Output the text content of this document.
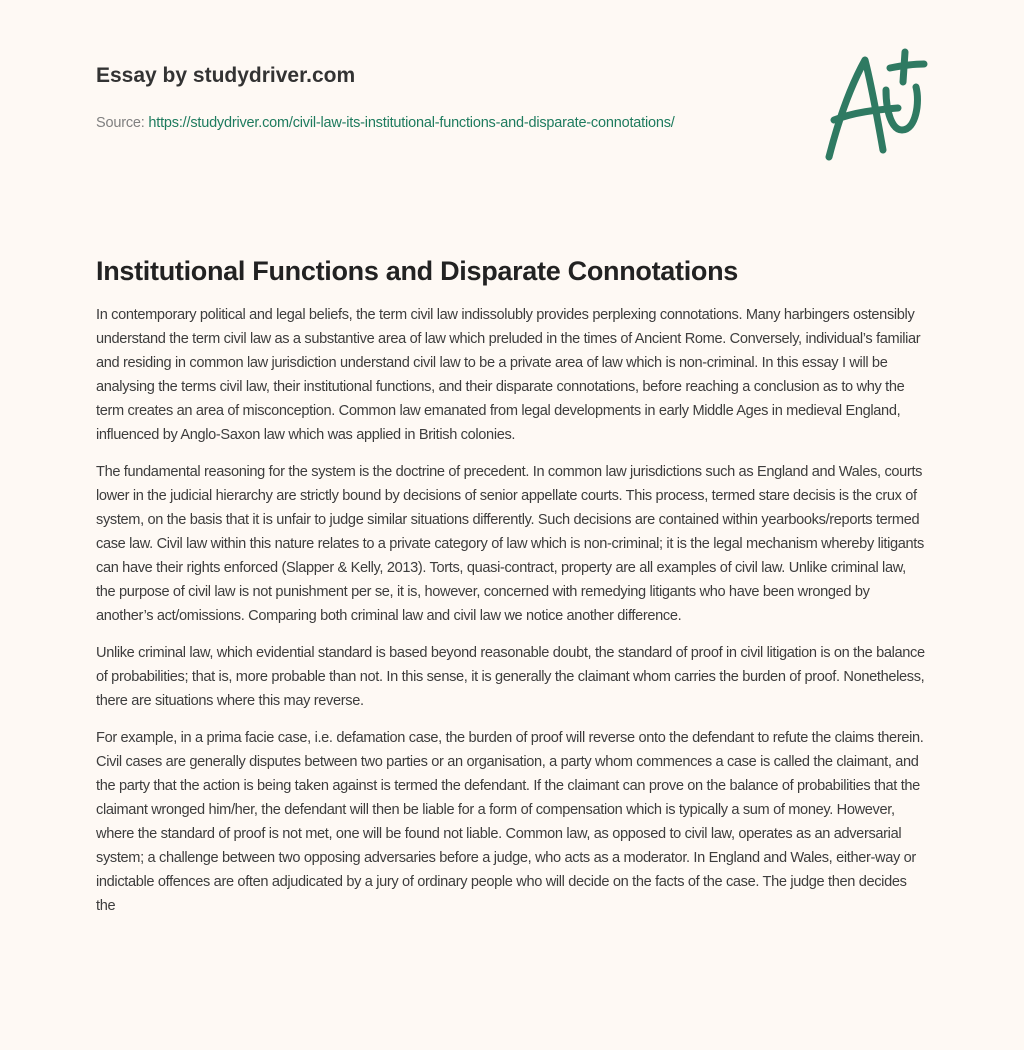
Essay by studydriver.com
Source: https://studydriver.com/civil-law-its-institutional-functions-and-disparate-connotations/
Institutional Functions and Disparate Connotations

In contemporary political and legal beliefs, the term civil law indissolubly provides perplexing connotations. Many harbingers ostensibly understand the term civil law as a substantive area of law which preluded in the times of Ancient Rome. Conversely, individual’s familiar and residing in common law jurisdiction understand civil law to be a private area of law which is non-criminal. In this essay I will be analysing the terms civil law, their institutional functions, and their disparate connotations, before reaching a conclusion as to why the term creates an area of misconception. Common law emanated from legal developments in early Middle Ages in medieval England, influenced by Anglo-Saxon law which was applied in British colonies.

The fundamental reasoning for the system is the doctrine of precedent. In common law jurisdictions such as England and Wales, courts lower in the judicial hierarchy are strictly bound by decisions of senior appellate courts. This process, termed stare decisis is the crux of system, on the basis that it is unfair to judge similar situations differently. Such decisions are contained within yearbooks/reports termed case law. Civil law within this nature relates to a private category of law which is non-criminal; it is the legal mechanism whereby litigants can have their rights enforced (Slapper & Kelly, 2013). Torts, quasi-contract, property are all examples of civil law. Unlike criminal law, the purpose of civil law is not punishment per se, it is, however, concerned with remedying litigants who have been wronged by another’s act/omissions. Comparing both criminal law and civil law we notice another difference.

Unlike criminal law, which evidential standard is based beyond reasonable doubt, the standard of proof in civil litigation is on the balance of probabilities; that is, more probable than not. In this sense, it is generally the claimant whom carries the burden of proof. Nonetheless, there are situations where this may reverse.

For example, in a prima facie case, i.e. defamation case, the burden of proof will reverse onto the defendant to refute the claims therein. Civil cases are generally disputes between two parties or an organisation, a party whom commences a case is called the claimant, and the party that the action is being taken against is termed the defendant. If the claimant can prove on the balance of probabilities that the claimant wronged him/her, the defendant will then be liable for a form of compensation which is typically a sum of money. However, where the standard of proof is not met, one will be found not liable. Common law, as opposed to civil law, operates as an adversarial system; a challenge between two opposing adversaries before a judge, who acts as a moderator. In England and Wales, either-way or indictable offences are often adjudicated by a jury of ordinary people who will decide on the facts of the case. The judge then decides the
